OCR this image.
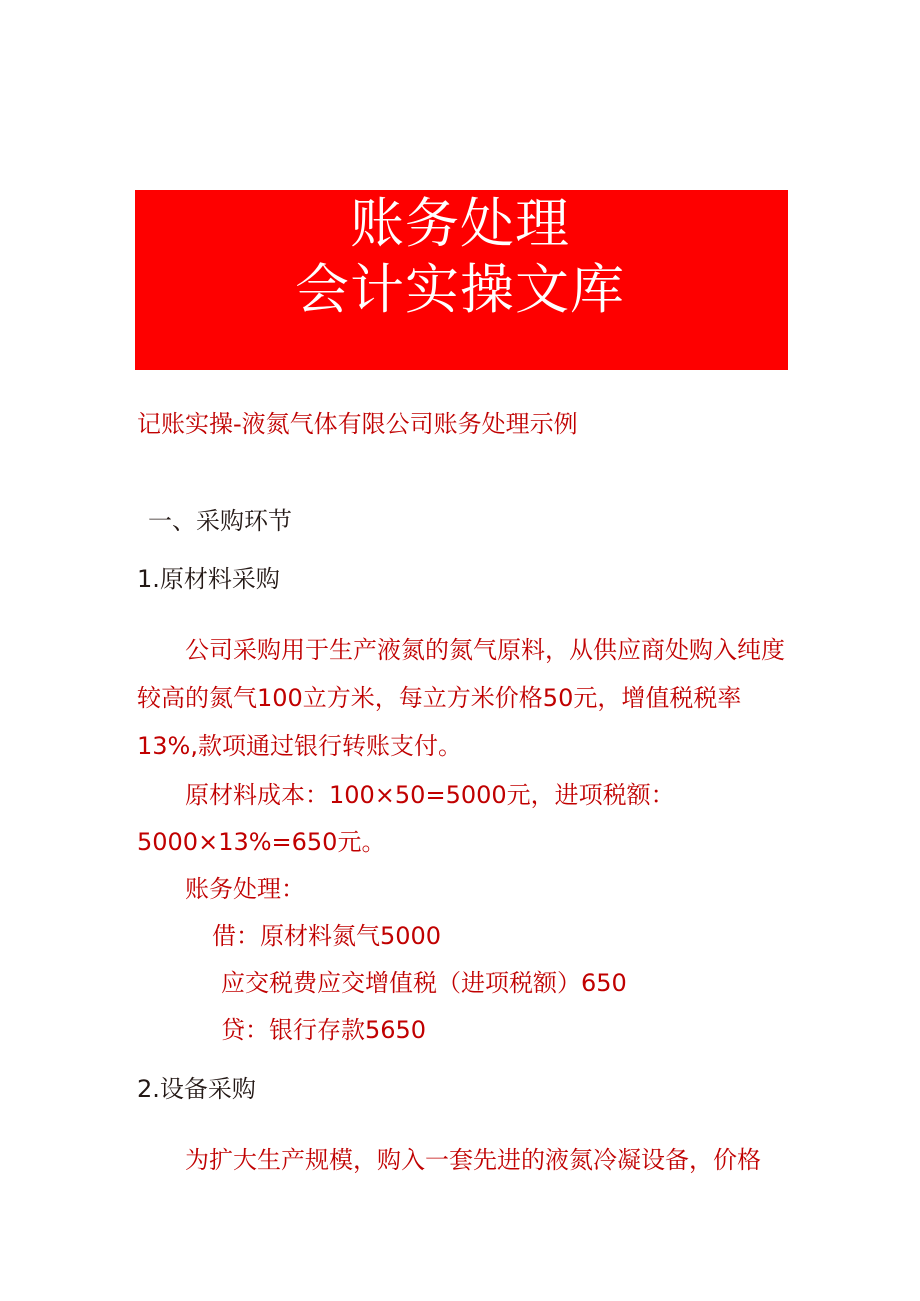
账务处理
会计实操文库
记账实操-液氮气体有限公司账务处理示例
一、采购环节
1.原材料采购
公司采购用于生产液氮的氮气原料，从供应商处购入纯度较高的氮气100立方米，每立方米价格50元，增值税税率13%,款项通过银行转账支付。
原材料成本：100×50=5000元，进项税额：
5000×13%=650元。
账务处理：
借：原材料氮气5000
应交税费应交增值税（进项税额）650
贷：银行存款5650
2.设备采购
为扩大生产规模，购入一套先进的液氮冷凝设备，价格
